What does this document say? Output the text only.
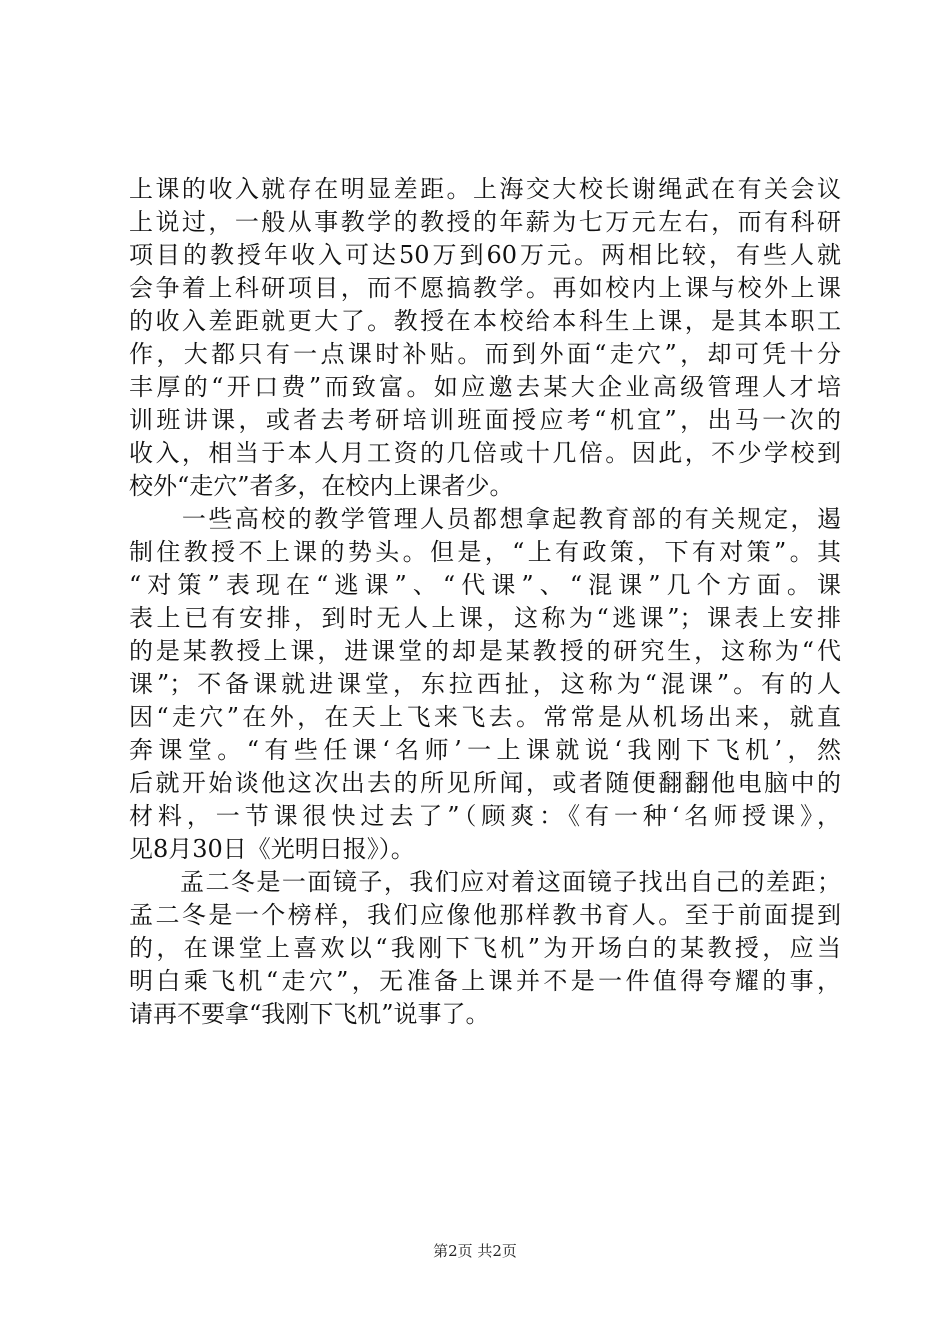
上课的收入就存在明显差距。上海交大校长谢绳武在有关会议
上说过，一般从事教学的教授的年薪为七万元左右，而有科研
项目的教授年收入可达50万到60万元。两相比较，有些人就
会争着上科研项目，而不愿搞教学。再如校内上课与校外上课
的收入差距就更大了。教授在本校给本科生上课，是其本职工
作，大都只有一点课时补贴。而到外面“走穴”，却可凭十分
丰厚的“开口费”而致富。如应邀去某大企业高级管理人才培
训班讲课，或者去考研培训班面授应考“机宜”，出马一次的
收入，相当于本人月工资的几倍或十几倍。因此，不少学校到
校外“走穴”者多，在校内上课者少。
　　一些高校的教学管理人员都想拿起教育部的有关规定，遏
制住教授不上课的势头。但是，“上有政策，下有对策”。其
“对策”表现在“逃课”、“代课”、“混课”几个方面。课
表上已有安排，到时无人上课，这称为“逃课”；课表上安排
的是某教授上课，进课堂的却是某教授的研究生，这称为“代
课”；不备课就进课堂，东拉西扯，这称为“混课”。有的人
因“走穴”在外，在天上飞来飞去。常常是从机场出来，就直
奔课堂。“有些任课‘名师’一上课就说‘我刚下飞机’，然
后就开始谈他这次出去的所见所闻，或者随便翻翻他电脑中的
材料，一节课很快过去了”（顾爽：《有一种‘名师授课》，
见8月30日《光明日报》）。
　　孟二冬是一面镜子，我们应对着这面镜子找出自己的差距；
孟二冬是一个榜样，我们应像他那样教书育人。至于前面提到
的，在课堂上喜欢以“我刚下飞机”为开场白的某教授，应当
明白乘飞机“走穴”，无准备上课并不是一件值得夸耀的事，
请再不要拿“我刚下飞机”说事了。
第2页 共2页
